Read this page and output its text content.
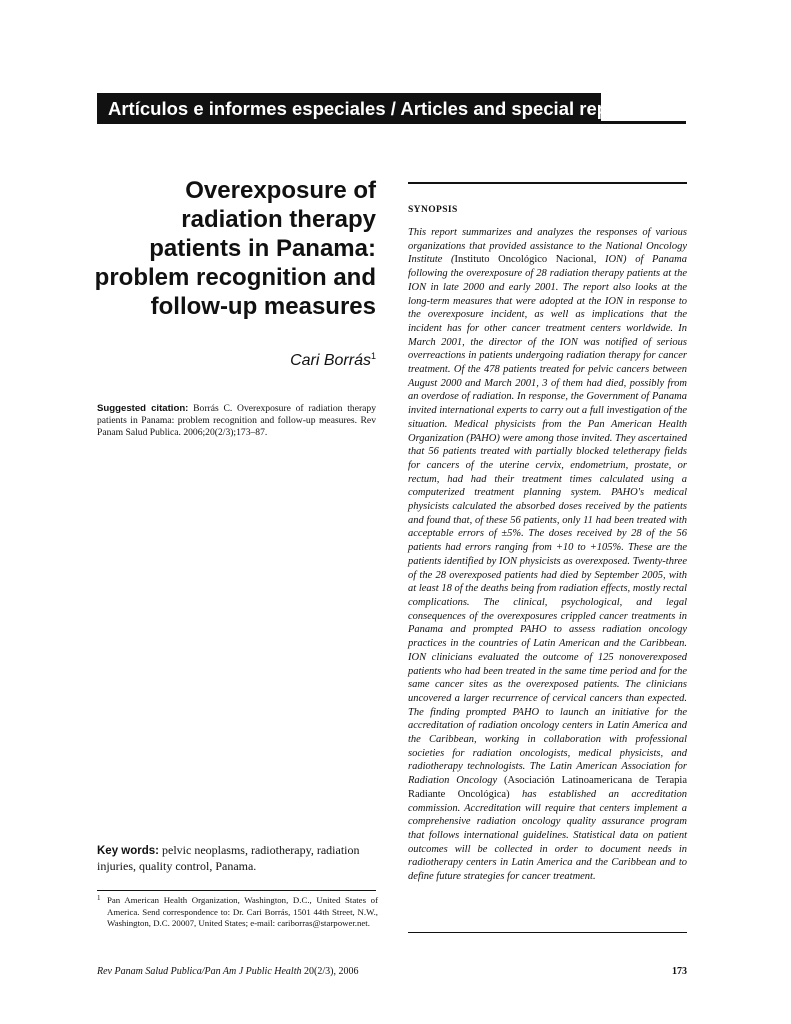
Artículos e informes especiales / Articles and special reports
Overexposure of
radiation therapy
patients in Panama:
problem recognition and
follow-up measures
Cari Borrás$^1$
Suggested citation: Borrás C. Overexposure of radiation therapy patients in Panama: problem recognition and follow-up measures. Rev Panam Salud Publica. 2006;20(2/3);173–87.
Key words: pelvic neoplasms, radiotherapy, radiation injuries, quality control, Panama.
1 Pan American Health Organization, Washington, D.C., United States of America. Send correspondence to: Dr. Cari Borrás, 1501 44th Street, N.W., Washington, D.C. 20007, United States; e-mail: cariborras@starpower.net.
SYNOPSIS
This report summarizes and analyzes the responses of various organizations that provided assistance to the National Oncology Institute (Instituto Oncológico Nacional, ION) of Panama following the overexposure of 28 radiation therapy patients at the ION in late 2000 and early 2001. The report also looks at the long-term measures that were adopted at the ION in response to the overexposure incident, as well as implications that the incident has for other cancer treatment centers worldwide. In March 2001, the director of the ION was notified of serious overreactions in patients undergoing radiation therapy for cancer treatment. Of the 478 patients treated for pelvic cancers between August 2000 and March 2001, 3 of them had died, possibly from an overdose of radiation. In response, the Government of Panama invited international experts to carry out a full investigation of the situation. Medical physicists from the Pan American Health Organization (PAHO) were among those invited. They ascertained that 56 patients treated with partially blocked teletherapy fields for cancers of the uterine cervix, endometrium, prostate, or rectum, had had their treatment times calculated using a computerized treatment planning system. PAHO's medical physicists calculated the absorbed doses received by the patients and found that, of these 56 patients, only 11 had been treated with acceptable errors of ±5%. The doses received by 28 of the 56 patients had errors ranging from +10 to +105%. These are the patients identified by ION physicists as overexposed. Twenty-three of the 28 overexposed patients had died by September 2005, with at least 18 of the deaths being from radiation effects, mostly rectal complications. The clinical, psychological, and legal consequences of the overexposures crippled cancer treatments in Panama and prompted PAHO to assess radiation oncology practices in the countries of Latin American and the Caribbean. ION clinicians evaluated the outcome of 125 nonoverexposed patients who had been treated in the same time period and for the same cancer sites as the overexposed patients. The clinicians uncovered a larger recurrence of cervical cancers than expected. The finding prompted PAHO to launch an initiative for the accreditation of radiation oncology centers in Latin America and the Caribbean, working in collaboration with professional societies for radiation oncologists, medical physicists, and radiotherapy technologists. The Latin American Association for Radiation Oncology (Asociación Latinoamericana de Terapia Radiante Oncológica) has established an accreditation commission. Accreditation will require that centers implement a comprehensive radiation oncology quality assurance program that follows international guidelines. Statistical data on patient outcomes will be collected in order to document needs in radiotherapy centers in Latin America and the Caribbean and to define future strategies for cancer treatment.
Rev Panam Salud Publica/Pan Am J Public Health 20(2/3), 2006	173
